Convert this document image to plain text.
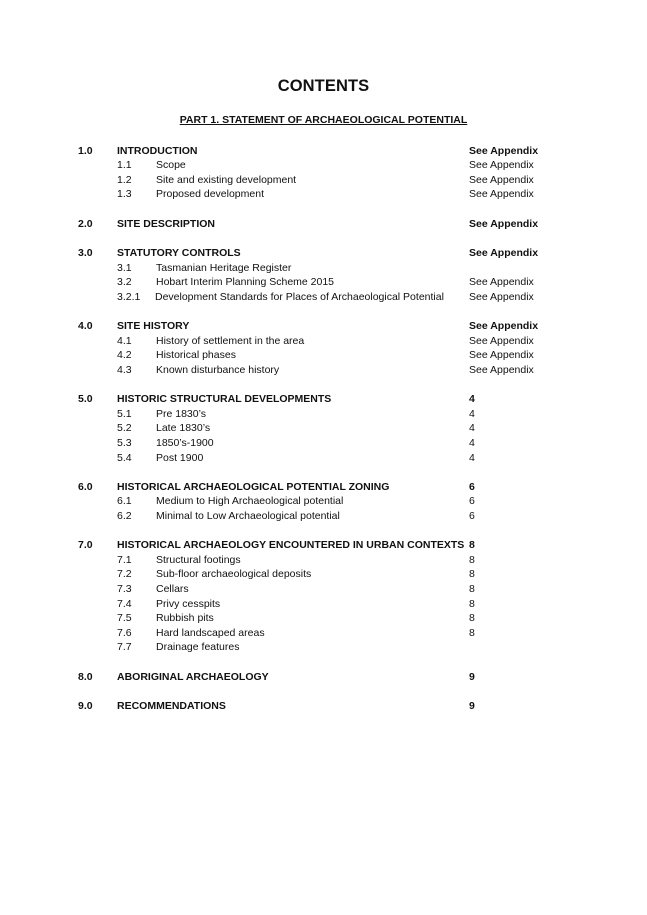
CONTENTS
PART 1. STATEMENT OF ARCHAEOLOGICAL POTENTIAL
1.0 INTRODUCTION	See Appendix
1.1 Scope	See Appendix
1.2 Site and existing development	See Appendix
1.3 Proposed development	See Appendix
2.0 SITE DESCRIPTION	See Appendix
3.0 STATUTORY CONTROLS	See Appendix
3.1 Tasmanian Heritage Register
3.2 Hobart Interim Planning Scheme 2015	See Appendix
3.2.1 Development Standards for Places of Archaeological Potential See Appendix
4.0 SITE HISTORY	See Appendix
4.1 History of settlement in the area	See Appendix
4.2 Historical phases	See Appendix
4.3 Known disturbance history	See Appendix
5.0 HISTORIC STRUCTURAL DEVELOPMENTS	4
5.1 Pre 1830’s	4
5.2 Late 1830’s	4
5.3 1850’s-1900	4
5.4 Post 1900	4
6.0 HISTORICAL ARCHAEOLOGICAL POTENTIAL ZONING	6
6.1 Medium to High Archaeological potential	6
6.2 Minimal to Low Archaeological potential	6
7.0 HISTORICAL ARCHAEOLOGY ENCOUNTERED IN URBAN CONTEXTS 8
7.1 Structural footings	8
7.2 Sub-floor archaeological deposits	8
7.3 Cellars	8
7.4 Privy cesspits	8
7.5 Rubbish pits	8
7.6 Hard landscaped areas	8
7.7 Drainage features
8.0 ABORIGINAL ARCHAEOLOGY	9
9.0 RECOMMENDATIONS	9
